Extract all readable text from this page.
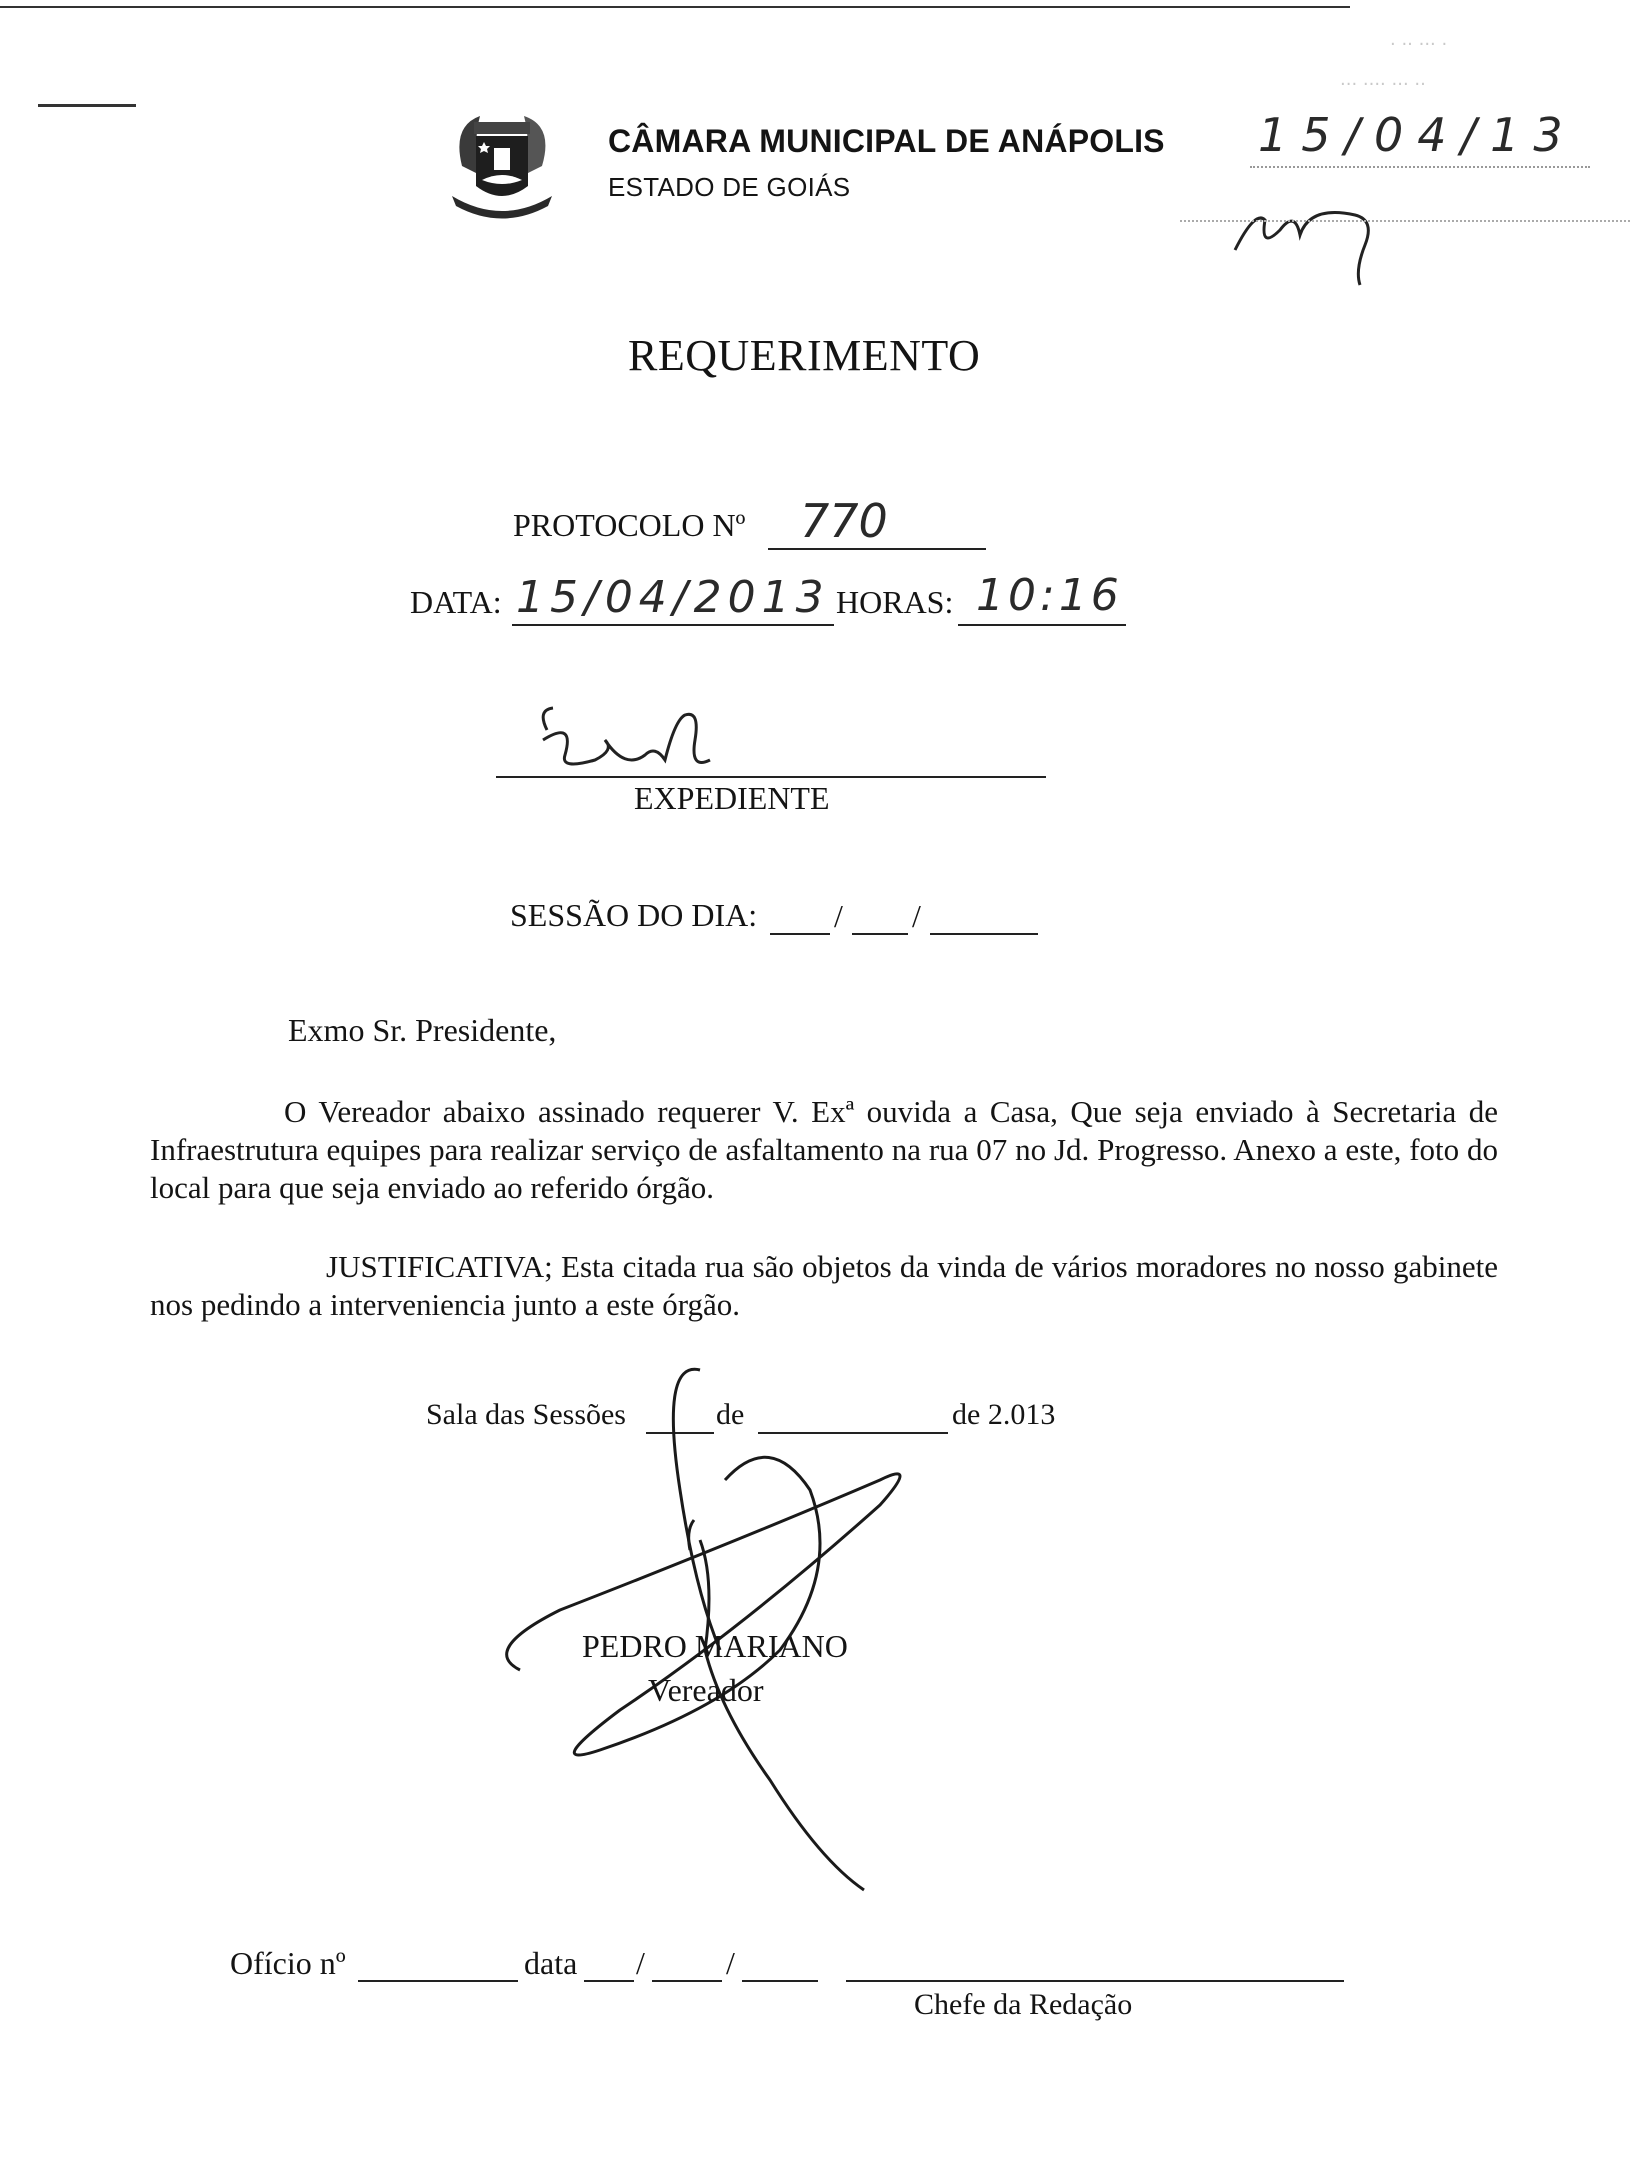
CÂMARA MUNICIPAL DE ANÁPOLIS
ESTADO DE GOIÁS
· ·· ··· ·
··· ···· ··· ··
15/04/13
REQUERIMENTO
PROTOCOLO Nº 770
DATA: 15/04/2013 HORAS: 10:16
EXPEDIENTE
SESSÃO DO DIA: / /
Exmo Sr. Presidente,
O Vereador abaixo assinado requerer V. Exª ouvida a Casa, Que seja enviado à Secretaria de Infraestrutura equipes para realizar serviço de asfaltamento na rua 07 no Jd. Progresso. Anexo a este, foto do local para que seja enviado ao referido órgão.
JUSTIFICATIVA; Esta citada rua são objetos da vinda de vários moradores no nosso gabinete nos pedindo a interveniencia junto a este órgão.
Sala das Sessões	de	de 2.013
PEDRO MARIANO
Vereador
Ofício nº	data /	/
Chefe da Redação
